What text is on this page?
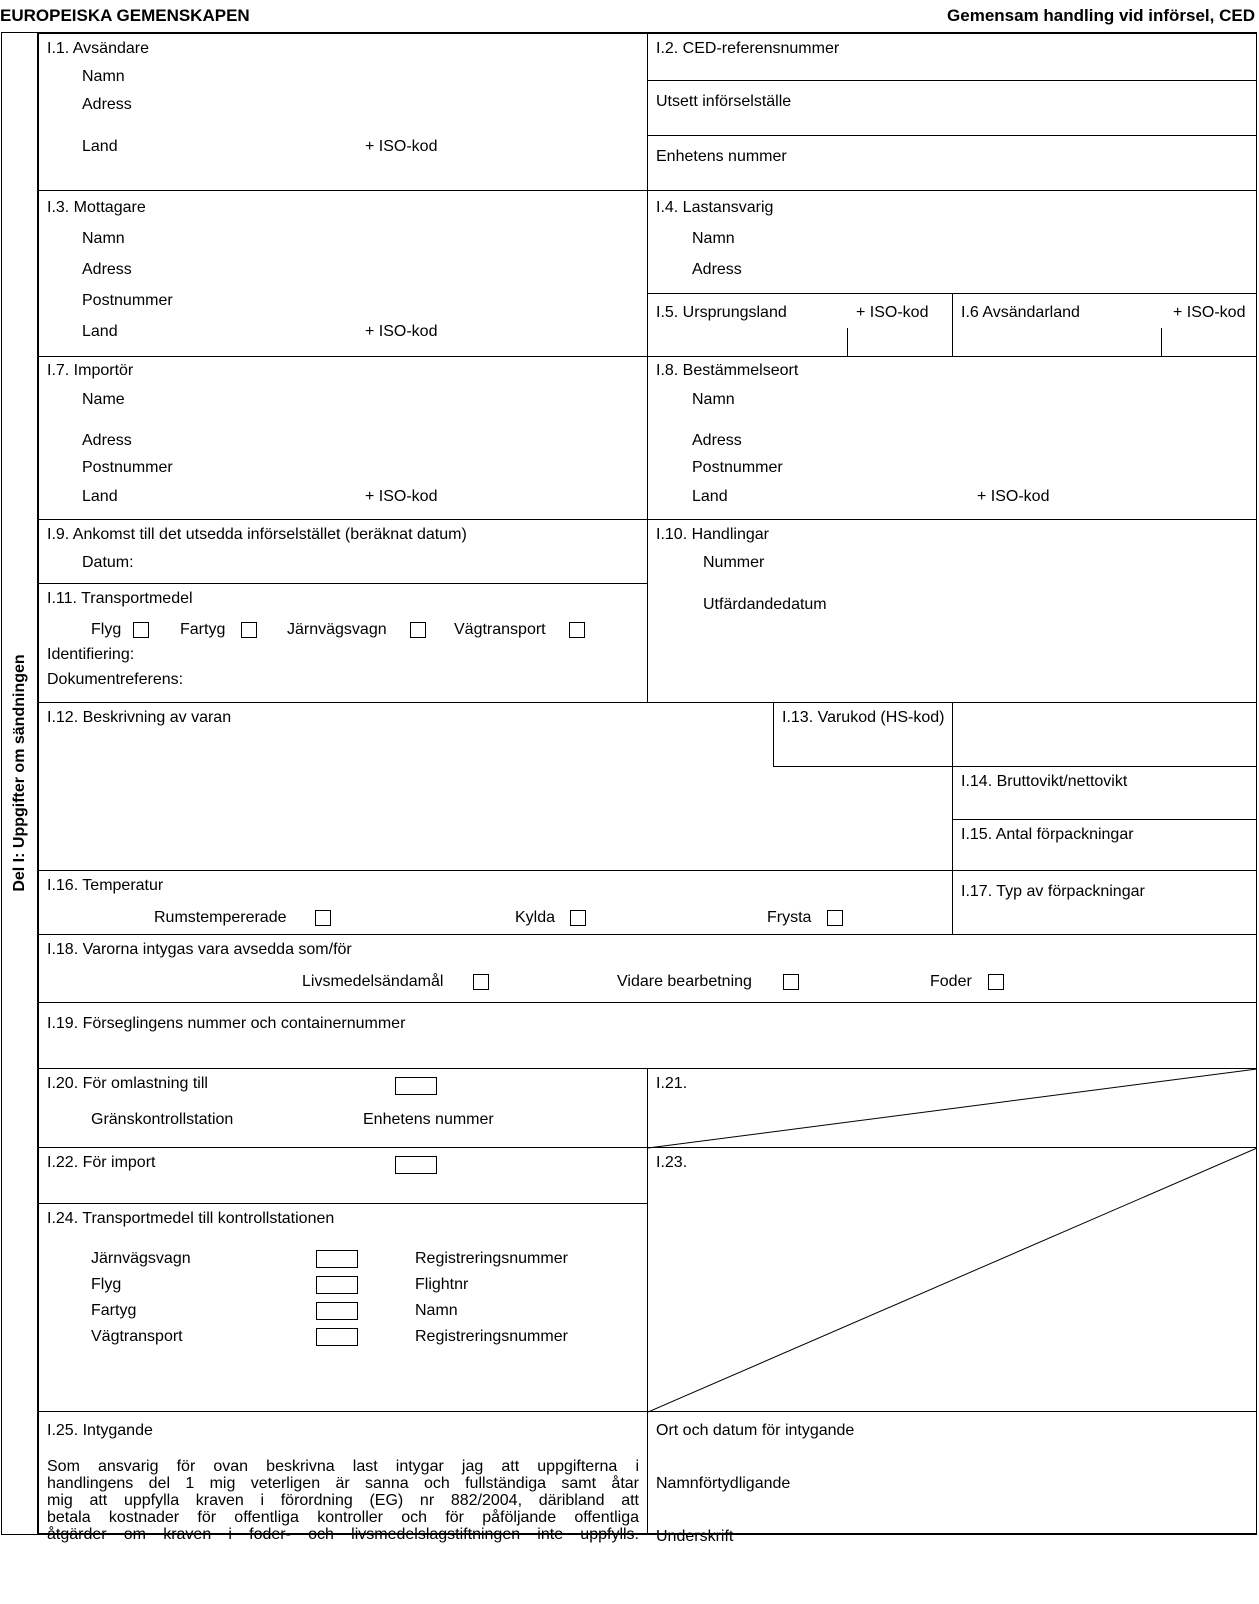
EUROPEISKA GEMENSKAPEN	Gemensam handling vid införsel, CED
Del I: Uppgifter om sändningen
I.1. Avsändare
Namn
Adress
Land	+ ISO-kod
I.2. CED-referensnummer
Utsett införselställe
Enhetens nummer
I.3. Mottagare
Namn
Adress
Postnummer
Land	+ ISO-kod
I.4. Lastansvarig
Namn
Adress
I.5. Ursprungsland	+ ISO-kod I.6 Avsändarland	+ ISO-kod
I.7. Importör
Name
Adress
Postnummer
Land	+ ISO-kod
I.8. Bestämmelseort
Namn
Adress
Postnummer
Land	+ ISO-kod
I.9. Ankomst till det utsedda införselstället (beräknat datum)
Datum:
I.11. Transportmedel
Flyg	Fartyg	Järnvägsvagn	Vägtransport
Identifiering:
Dokumentreferens:
I.10. Handlingar
Nummer
Utfärdandedatum
I.12. Beskrivning av varan	I.13. Varukod (HS-kod)
I.14. Bruttovikt/nettovikt
I.15. Antal förpackningar
I.16. Temperatur
Rumstempererade	Kylda	Frysta
I.17. Typ av förpackningar
I.18. Varorna intygas vara avsedda som/för
Livsmedelsändamål	Vidare bearbetning	Foder
I.19. Förseglingens nummer och containernummer
I.20. För omlastning till
Gränskontrollstation	Enhetens nummer
I.21.
I.22. För import
I.24. Transportmedel till kontrollstationen
Järnvägsvagn	Registreringsnummer
Flyg	Flightnr
Fartyg	Namn
Vägtransport	Registreringsnummer
I.23.
I.25. Intygande
Som ansvarig för ovan beskrivna last intygar jag att uppgifterna i
handlingens del 1 mig veterligen är sanna och fullständiga samt åtar
mig att uppfylla kraven i förordning (EG) nr 882/2004, däribland att
betala kostnader för offentliga kontroller och för påföljande offentliga
åtgärder om kraven i foder- och livsmedelslagstiftningen inte uppfylls.
Ort och datum för intygande
Namnförtydligande
Underskrift
